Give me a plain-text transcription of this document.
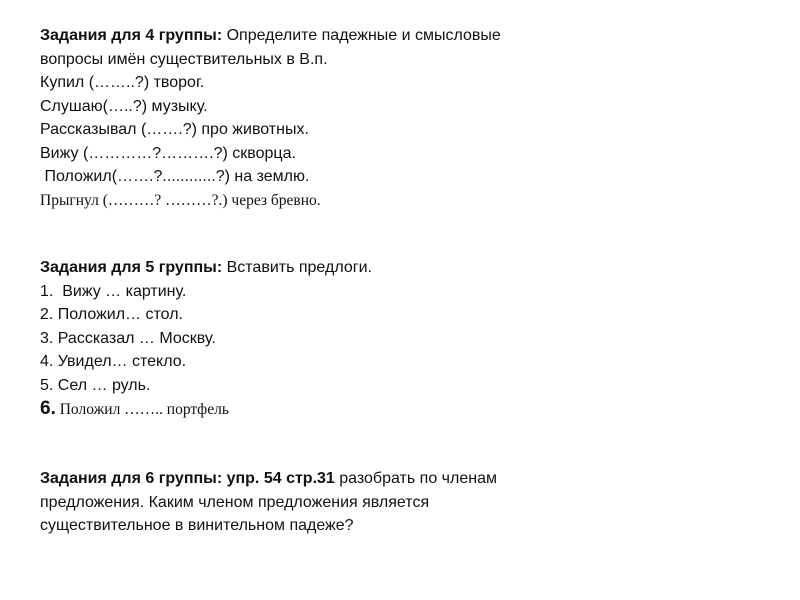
Задания для 4 группы: Определите падежные и смысловые
вопросы имён существительных в В.п.
Купил (……..?) творог.
Слушаю(…..?) музыку.
Рассказывал (…….?) про животных.
Вижу (…………?……….?) скворца.
Положил(…….?............?) на землю.
Прыгнул (………? ………?.) через бревно.
Задания для 5 группы: Вставить предлоги.
1.  Вижу … картину.
2. Положил… стол.
3. Рассказал … Москву.
4. Увидел… стекло.
5. Сел … руль.
6. Положил …….. портфель
Задания для 6 группы: упр. 54 стр.31 разобрать по членам
предложения. Каким членом предложения является
существительное в винительном падеже?
